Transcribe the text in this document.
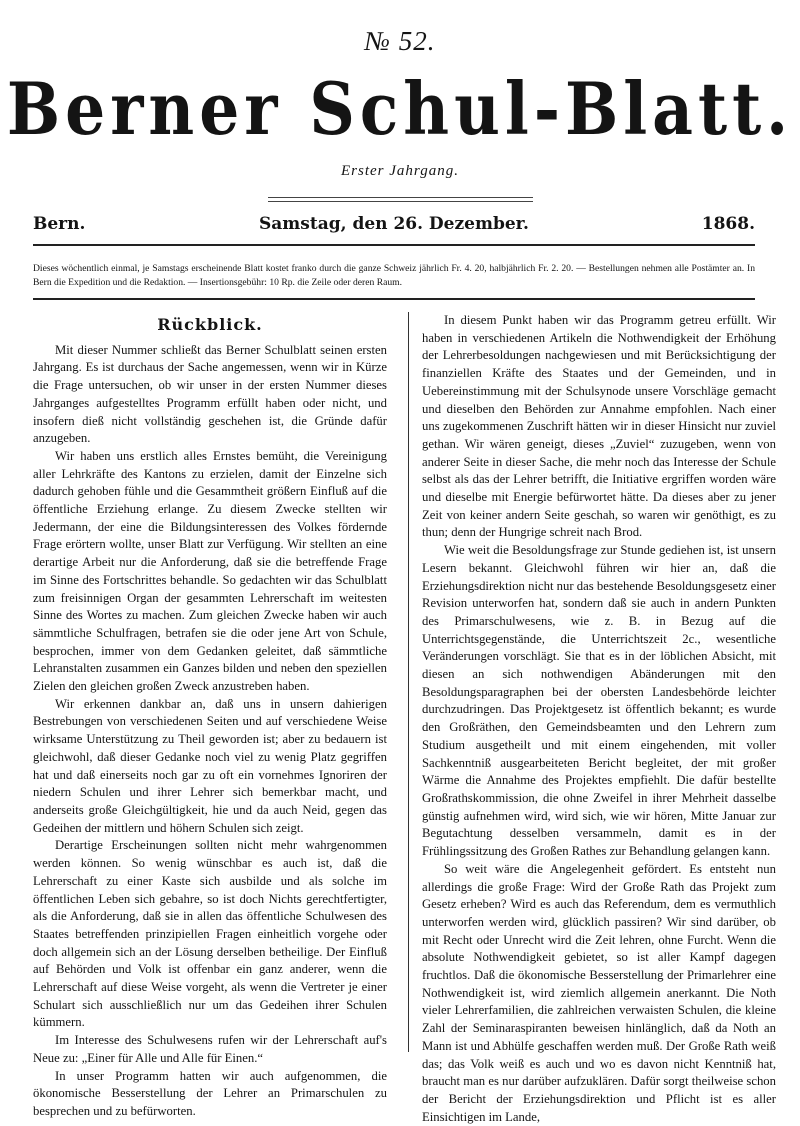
№ 52.
Berner Schul-Blatt.
Erster Jahrgang.
Bern.	Samstag, den 26. Dezember.	1868.
Dieses wöchentlich einmal, je Samstags erscheinende Blatt kostet franko durch die ganze Schweiz jährlich Fr. 4. 20, halbjährlich Fr. 2. 20. — Bestellungen nehmen alle Postämter an. In Bern die Expedition und die Redaktion. — Insertionsgebühr: 10 Rp. die Zeile oder deren Raum.
Rückblick.

Mit dieser Nummer schließt das Berner Schulblatt seinen ersten Jahrgang. Es ist durchaus der Sache angemessen, wenn wir in Kürze die Frage untersuchen, ob wir unser in der ersten Nummer dieses Jahrganges aufgestelltes Programm erfüllt haben oder nicht, und insofern dieß nicht vollständig geschehen ist, die Gründe dafür anzugeben.

Wir haben uns erstlich alles Ernstes bemüht, die Vereinigung aller Lehrkräfte des Kantons zu erzielen, damit der Einzelne sich dadurch gehoben fühle und die Gesammtheit größern Einfluß auf die öffentliche Erziehung erlange. Zu diesem Zwecke stellten wir Jedermann, der eine die Bildungsinteressen des Volkes fördernde Frage erörtern wollte, unser Blatt zur Verfügung. Wir stellten an eine derartige Arbeit nur die Anforderung, daß sie die betreffende Frage im Sinne des Fortschrittes behandle. So gedachten wir das Schulblatt zum freisinnigen Organ der gesammten Lehrerschaft im weitesten Sinne des Wortes zu machen. Zum gleichen Zwecke haben wir auch sämmtliche Schulfragen, betrafen sie die oder jene Art von Schule, besprochen, immer von dem Gedanken geleitet, daß sämmtliche Lehranstalten zusammen ein Ganzes bilden und neben den speziellen Zielen den gleichen großen Zweck anzustreben haben.

Wir erkennen dankbar an, daß uns in unsern dahierigen Bestrebungen von verschiedenen Seiten und auf verschiedene Weise wirksame Unterstützung zu Theil geworden ist; aber zu bedauern ist gleichwohl, daß dieser Gedanke noch viel zu wenig Platz gegriffen hat und daß einerseits noch gar zu oft ein vornehmes Ignoriren der niedern Schulen und ihrer Lehrer sich bemerkbar macht, und anderseits große Gleichgültigkeit, hie und da auch Neid, gegen das Gedeihen der mittlern und höhern Schulen sich zeigt.

Derartige Erscheinungen sollten nicht mehr wahrgenommen werden können. So wenig wünschbar es auch ist, daß die Lehrerschaft zu einer Kaste sich ausbilde und als solche im öffentlichen Leben sich gebahre, so ist doch Nichts gerechtfertigter, als die Anforderung, daß sie in allen das öffentliche Schulwesen des Staates betreffenden prinzipiellen Fragen einheitlich vorgehe oder doch allgemein sich an der Lösung derselben betheilige. Der Einfluß auf Behörden und Volk ist offenbar ein ganz anderer, wenn die Lehrerschaft auf diese Weise vorgeht, als wenn die Vertreter je einer Schulart sich ausschließlich nur um das Gedeihen ihrer Schulen kümmern.

Im Interesse des Schulwesens rufen wir der Lehrerschaft auf's Neue zu: „Einer für Alle und Alle für Einen.“

In unser Programm hatten wir auch aufgenommen, die ökonomische Besserstellung der Lehrer an Primarschulen zu besprechen und zu befürworten.

In diesem Punkt haben wir das Programm getreu erfüllt. Wir haben in verschiedenen Artikeln die Nothwendigkeit der Erhöhung der Lehrerbesoldungen nachgewiesen und mit Berücksichtigung der finanziellen Kräfte des Staates und der Gemeinden, und in Uebereinstimmung mit der Schulsynode unsere Vorschläge gemacht und dieselben den Behörden zur Annahme empfohlen. Nach einer uns zugekommenen Zuschrift hätten wir in dieser Hinsicht nur zuviel gethan. Wir wären geneigt, dieses „Zuviel“ zuzugeben, wenn von anderer Seite in dieser Sache, die mehr noch das Interesse der Schule selbst als das der Lehrer betrifft, die Initiative ergriffen worden wäre und dieselbe mit Energie befürwortet hätte. Da dieses aber zu jener Zeit von keiner andern Seite geschah, so waren wir genöthigt, es zu thun; denn der Hungrige schreit nach Brod.

Wie weit die Besoldungsfrage zur Stunde gediehen ist, ist unsern Lesern bekannt. Gleichwohl führen wir hier an, daß die Erziehungsdirektion nicht nur das bestehende Besoldungsgesetz einer Revision unterworfen hat, sondern daß sie auch in andern Punkten des Primarschulwesens, wie z. B. in Bezug auf die Unterrichtsgegenstände, die Unterrichtszeit 2c., wesentliche Veränderungen vorschlägt. Sie that es in der löblichen Absicht, mit diesen an sich nothwendigen Abänderungen mit den Besoldungsparagraphen bei der obersten Landesbehörde leichter durchzudringen. Das Projektgesetz ist öffentlich bekannt; es wurde den Großräthen, den Gemeindsbeamten und den Lehrern zum Studium ausgetheilt und mit einem eingehenden, mit voller Sachkenntniß ausgearbeiteten Bericht begleitet, der mit großer Wärme die Annahme des Projektes empfiehlt. Die dafür bestellte Großrathskommission, die ohne Zweifel in ihrer Mehrheit dasselbe günstig aufnehmen wird, wird sich, wie wir hören, Mitte Januar zur Begutachtung desselben versammeln, damit es in der Frühlingssitzung des Großen Rathes zur Behandlung gelangen kann.

So weit wäre die Angelegenheit gefördert. Es entsteht nun allerdings die große Frage: Wird der Große Rath das Projekt zum Gesetz erheben? Wird es auch das Referendum, dem es vermuthlich unterworfen werden wird, glücklich passiren? Wir sind darüber, ob mit Recht oder Unrecht wird die Zeit lehren, ohne Furcht. Wenn die absolute Nothwendigkeit gebietet, so ist aller Kampf dagegen fruchtlos. Daß die ökonomische Besserstellung der Primarlehrer eine Nothwendigkeit ist, wird ziemlich allgemein anerkannt. Die Noth vieler Lehrerfamilien, die zahlreichen verwaisten Schulen, die kleine Zahl der Seminaraspiranten beweisen hinlänglich, daß da Noth an Mann ist und Abhülfe geschaffen werden muß. Der Große Rath weiß das; das Volk weiß es auch und wo es davon nicht Kenntniß hat, braucht man es nur darüber aufzuklären. Dafür sorgt theilweise schon der Bericht der Erziehungsdirektion und Pflicht ist es aller Einsichtigen im Lande,
